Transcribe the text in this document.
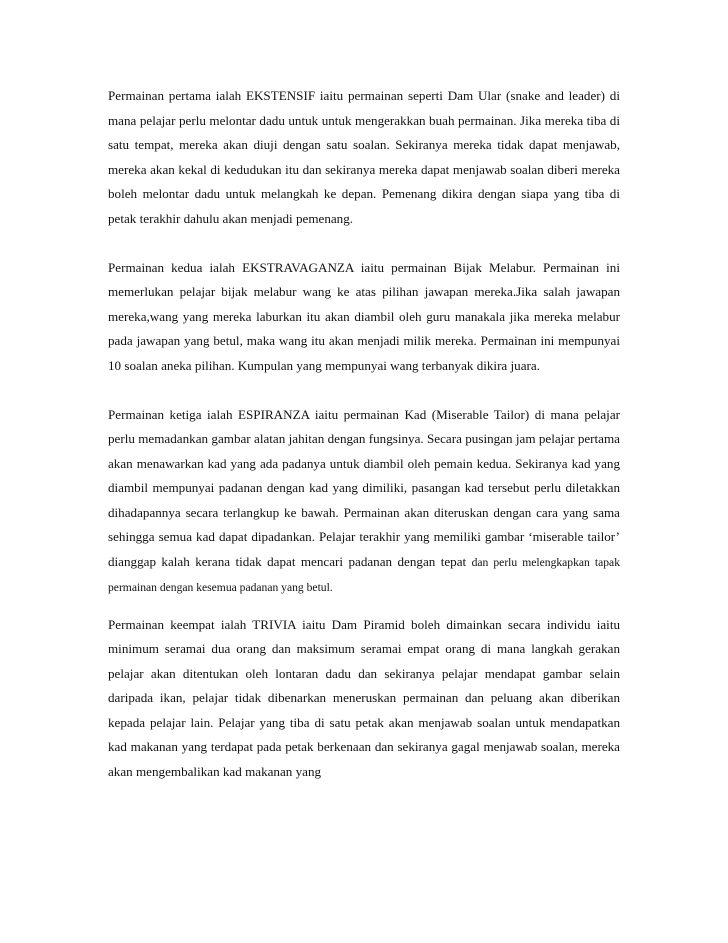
Permainan pertama ialah EKSTENSIF iaitu permainan seperti Dam Ular (snake and leader) di mana pelajar perlu melontar dadu untuk untuk mengerakkan buah permainan. Jika mereka tiba di satu tempat, mereka akan diuji dengan satu soalan. Sekiranya mereka tidak dapat menjawab, mereka akan kekal di kedudukan itu dan sekiranya mereka dapat menjawab soalan diberi mereka boleh melontar dadu untuk melangkah ke depan. Pemenang dikira dengan siapa yang tiba di petak terakhir dahulu akan menjadi pemenang.

Permainan kedua ialah EKSTRAVAGANZA iaitu permainan Bijak Melabur. Permainan ini memerlukan pelajar bijak melabur wang ke atas pilihan jawapan mereka.Jika salah jawapan mereka,wang yang mereka laburkan itu akan diambil oleh guru manakala jika mereka melabur pada jawapan yang betul, maka wang itu akan menjadi milik mereka. Permainan ini mempunyai 10 soalan aneka pilihan. Kumpulan yang mempunyai wang terbanyak dikira juara.

Permainan ketiga ialah ESPIRANZA iaitu permainan Kad (Miserable Tailor) di mana pelajar perlu memadankan gambar alatan jahitan dengan fungsinya. Secara pusingan jam pelajar pertama akan menawarkan kad yang ada padanya untuk diambil oleh pemain kedua. Sekiranya kad yang diambil mempunyai padanan dengan kad yang dimiliki, pasangan kad tersebut perlu diletakkan dihadapannya secara terlangkup ke bawah. Permainan akan diteruskan dengan cara yang sama sehingga semua kad dapat dipadankan. Pelajar terakhir yang memiliki gambar ‘miserable tailor’ dianggap kalah kerana tidak dapat mencari padanan dengan tepat dan perlu melengkapkan tapak permainan dengan kesemua padanan yang betul.

Permainan keempat ialah TRIVIA iaitu Dam Piramid boleh dimainkan secara individu iaitu minimum seramai dua orang dan maksimum seramai empat orang di mana langkah gerakan pelajar akan ditentukan oleh lontaran dadu dan sekiranya pelajar mendapat gambar selain daripada ikan, pelajar tidak dibenarkan meneruskan permainan dan peluang akan diberikan kepada pelajar lain. Pelajar yang tiba di satu petak akan menjawab soalan untuk mendapatkan kad makanan yang terdapat pada petak berkenaan dan sekiranya gagal menjawab soalan, mereka akan mengembalikan kad makanan yang
